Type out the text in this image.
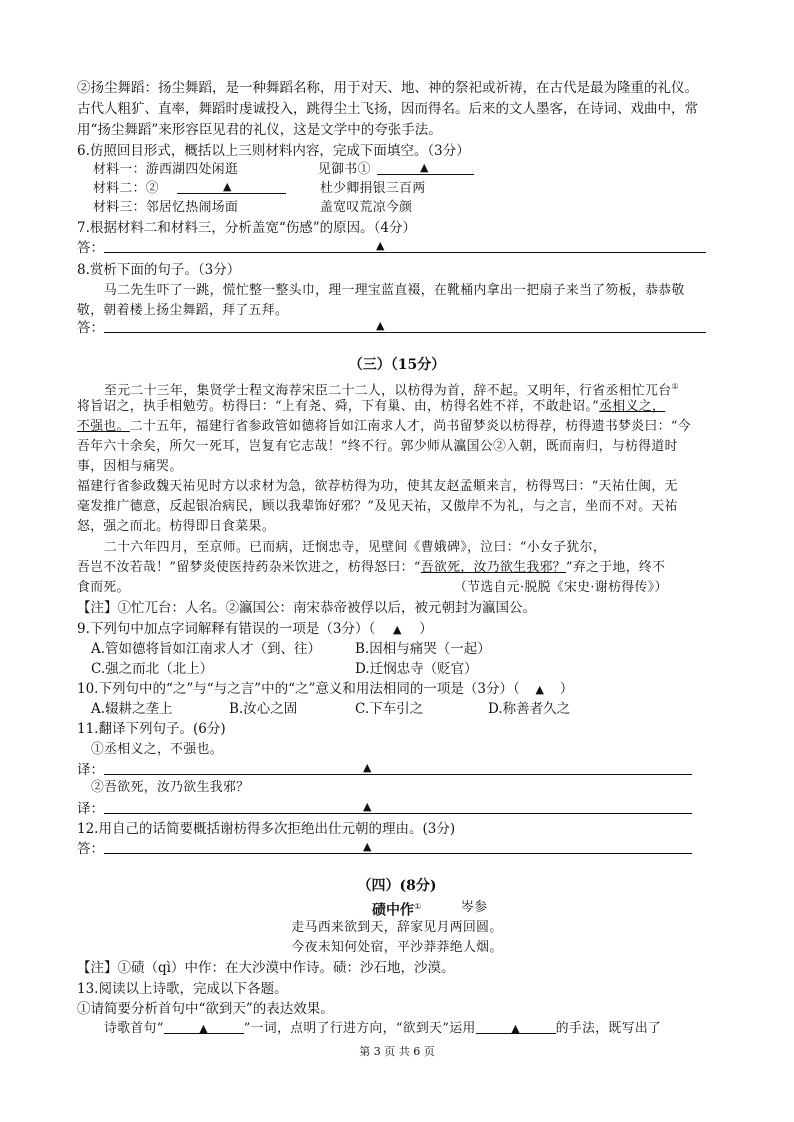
②扬尘舞蹈：扬尘舞蹈，是一种舞蹈名称，用于对天、地、神的祭祀或祈祷，在古代是最为隆重的礼仪。
古代人粗犷、直率，舞蹈时虔诚投入，跳得尘土飞扬，因而得名。后来的文人墨客，在诗词、戏曲中，常
用“扬尘舞蹈”来形容臣见君的礼仪，这是文学中的夸张手法。
6.仿照回目形式，概括以上三则材料内容，完成下面填空。（3分）
材料一：游西湖四处闲逛	见御书①	▲
材料二：②	▲	杜少卿捐银三百两
材料三：邻居忆热闹场面	盖宽叹荒凉今颜
7.根据材料二和材料三，分析盖宽“伤感”的原因。（4分）
答：	▲
8.赏析下面的句子。（3分）
马二先生吓了一跳，慌忙整一整头巾，理一理宝蓝直裰，在靴桶内拿出一把扇子来当了笏板，恭恭敬
敬，朝着楼上扬尘舞蹈，拜了五拜。
答：	▲
（三）（15分）
至元二十三年，集贤学士程文海荐宋臣二十二人，以枋得为首，辞不起。又明年，行省丞相忙兀台①
将旨诏之，执手相勉劳。枋得曰：“上有尧、舜，下有巢、由，枋得名姓不祥，不敢赴诏。”丞相义之，
不强也。二十五年，福建行省参政管如德将旨如江南求人才，尚书留梦炎以枋得荐，枋得遗书梦炎曰：“今
吾年六十余矣，所欠一死耳，岂复有它志哉！”终不行。郭少师从瀛国公②入朝，既而南归，与枋得道时
事，因相与痛哭。
福建行省参政魏天祐见时方以求材为急，欲荐枋得为功，使其友赵孟頫来言，枋得骂曰：“天祐仕闽，无
毫发推广德意，反起银冶病民，顾以我辈饰好邪？”及见天祐，又傲岸不为礼，与之言，坐而不对。天祐
怒，强之而北。枋得即日食菜果。
二十六年四月，至京师。已而病，迁悯忠寺，见壁间《曹娥碑》，泣曰：“小女子犹尔，
吾岂不汝若哉！”留梦炎使医持药杂米饮进之，枋得怒曰：“吾欲死，汝乃欲生我邪？”弃之于地，终不
食而死。	（节选自元·脱脱《宋史·谢枋得传》）
【注】①忙兀台：人名。②瀛国公：南宋恭帝被俘以后，被元朝封为瀛国公。
9.下列句中加点字词解释有错误的一项是（3分）（ ▲ ）
A.管如德将旨如江南求人才（到、往）	B.因相与痛哭（一起）
C.强之而北（北上）	D.迁悯忠寺（贬官）
10.下列句中的“之”与“与之言”中的“之”意义和用法相同的一项是（3分）（ ▲ ）
A.辍耕之垄上	B.汝心之固	C.下车引之	D.称善者久之
11.翻译下列句子。(6分)
①丞相义之，不强也。
译：	▲
②吾欲死，汝乃欲生我邪？
译：	▲
12.用自己的话简要概括谢枋得多次拒绝出仕元朝的理由。(3分)
答：	▲
（四）(8分)
碛中作①	岑参
走马西来欲到天，辞家见月两回圆。
今夜未知何处宿，平沙莽莽绝人烟。
【注】①碛（qì）中作：在大沙漠中作诗。碛：沙石地，沙漠。
13.阅读以上诗歌，完成以下各题。
①请简要分析首句中“欲到天”的表达效果。
诗歌首句“	▲	”一词，点明了行进方向，“欲到天”运用	▲	的手法，既写出了
第 3 页 共 6 页
